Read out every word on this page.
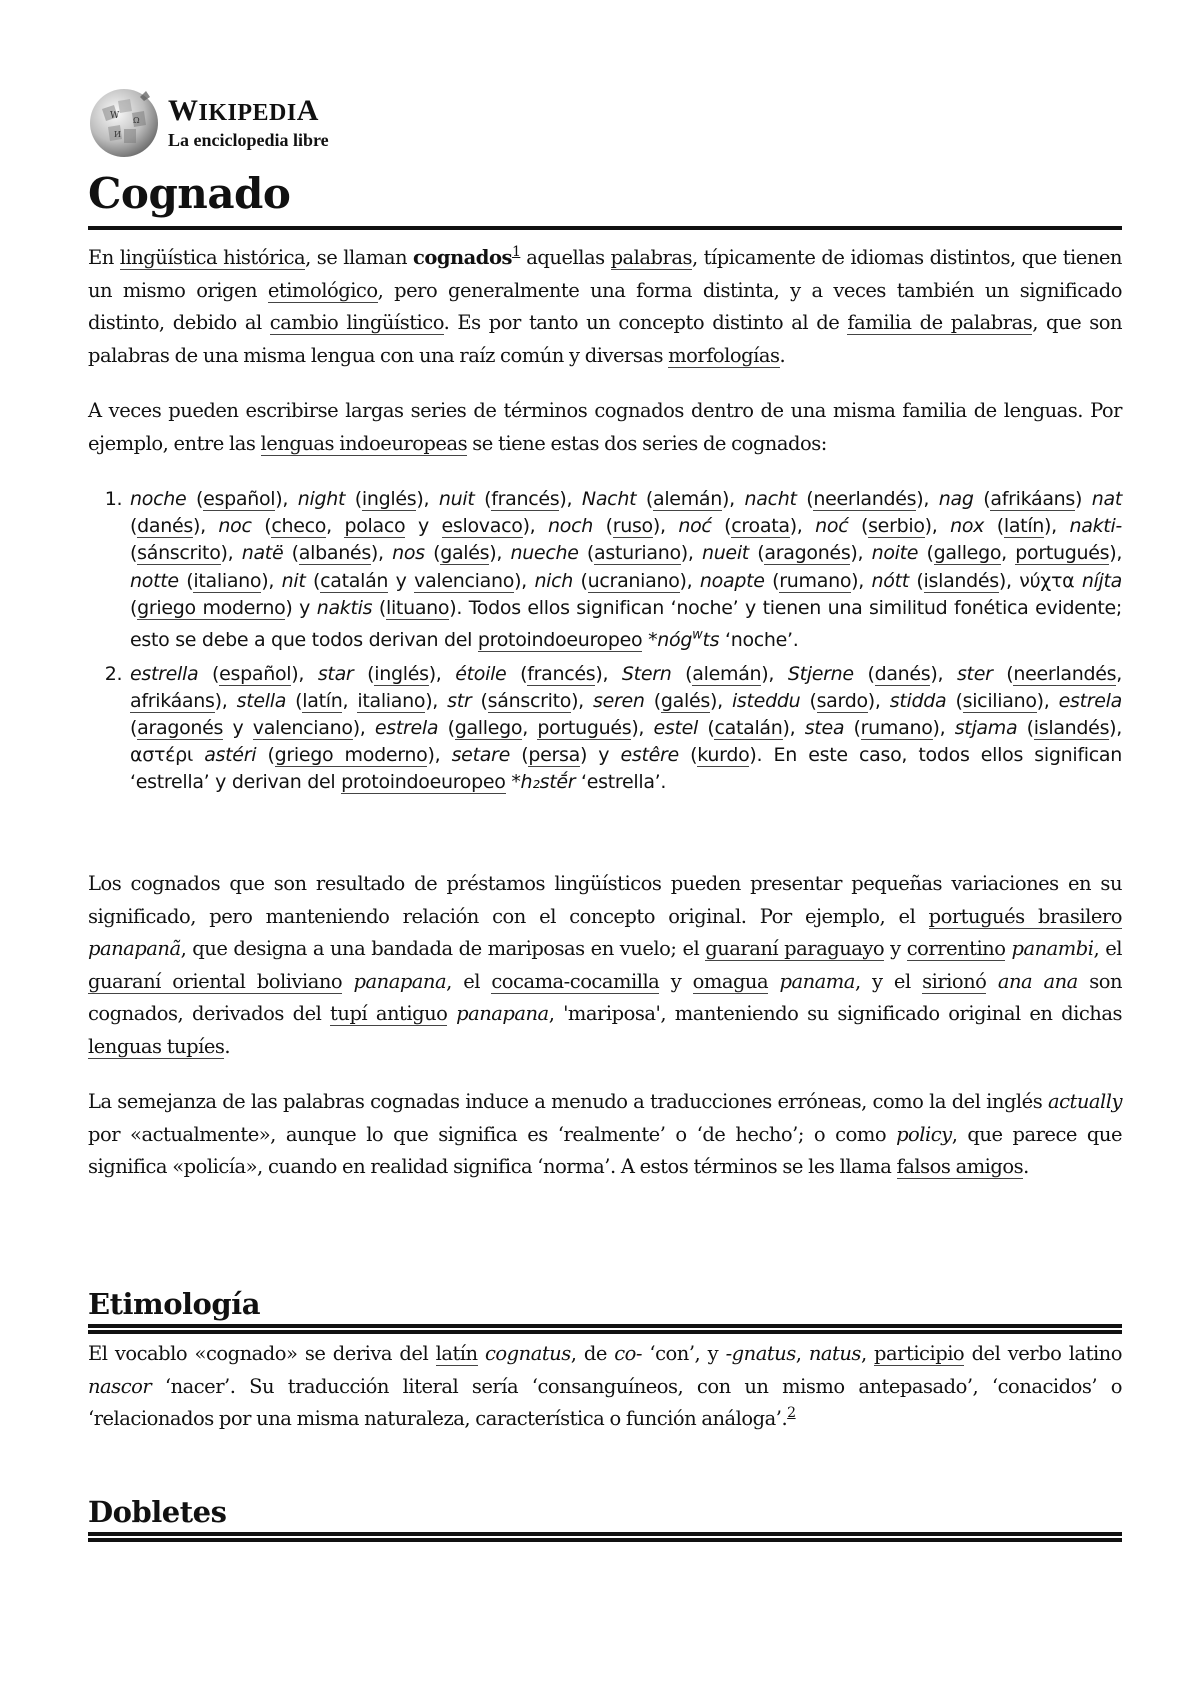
W Ω
И
WIKIPEDIA
La enciclopedia libre
Cognado

En lingüística histórica, se llaman cognados$^1$ aquellas palabras, típicamente de idiomas distintos, que tienen un mismo origen etimológico, pero generalmente una forma distinta, y a veces también un significado distinto, debido al cambio lingüístico. Es por tanto un concepto distinto al de familia de palabras, que son palabras de una misma lengua con una raíz común y diversas morfologías.

A veces pueden escribirse largas series de términos cognados dentro de una misma familia de lenguas. Por ejemplo, entre las lenguas indoeuropeas se tiene estas dos series de cognados:

1. noche (español), night (inglés), nuit (francés), Nacht (alemán), nacht (neerlandés), nag (afrikáans) nat (danés), noc (checo, polaco y eslovaco), noch (ruso), noć (croata), noć (serbio), nox (latín), nakti- (sánscrito), natë (albanés), nos (galés), nueche (asturiano), nueit (aragonés), noite (gallego, portugués), notte (italiano), nit (catalán y valenciano), nich (ucraniano), noapte (rumano), nótt (islandés), νύχτα níjta (griego moderno) y naktis (lituano). Todos ellos significan ‘noche’ y tienen una similitud fonética evidente; esto se debe a que todos derivan del protoindoeuropeo *nóg$^w$ts ‘noche’.
2. estrella (español), star (inglés), étoile (francés), Stern (alemán), Stjerne (danés), ster (neerlandés, afrikáans), stella (latín, italiano), str (sánscrito), seren (galés), isteddu (sardo), stidda (siciliano), estrela (aragonés y valenciano), estrela (gallego, portugués), estel (catalán), stea (rumano), stjama (islandés), αστέρι astéri (griego moderno), setare (persa) y estêre (kurdo). En este caso, todos ellos significan ‘estrella’ y derivan del protoindoeuropeo *h₂stḗr ‘estrella’.

Los cognados que son resultado de préstamos lingüísticos pueden presentar pequeñas variaciones en su significado, pero manteniendo relación con el concepto original. Por ejemplo, el portugués brasilero panapanã, que designa a una bandada de mariposas en vuelo; el guaraní paraguayo y correntino panambi, el guaraní oriental boliviano panapana, el cocama-cocamilla y omagua panama, y el sirionó ana ana son cognados, derivados del tupí antiguo panapana, 'mariposa', manteniendo su significado original en dichas lenguas tupíes.

La semejanza de las palabras cognadas induce a menudo a traducciones erróneas, como la del inglés actually por «actualmente», aunque lo que significa es ‘realmente’ o ‘de hecho’; o como policy, que parece que significa «policía», cuando en realidad significa ‘norma’. A estos términos se les llama falsos amigos.

Etimología

El vocablo «cognado» se deriva del latín cognatus, de co- ‘con’, y -gnatus, natus, participio del verbo latino nascor ‘nacer’. Su traducción literal sería ‘consanguíneos, con un mismo antepasado’, ‘conacidos’ o ‘relacionados por una misma naturaleza, característica o función análoga’.$^2$

Dobletes
